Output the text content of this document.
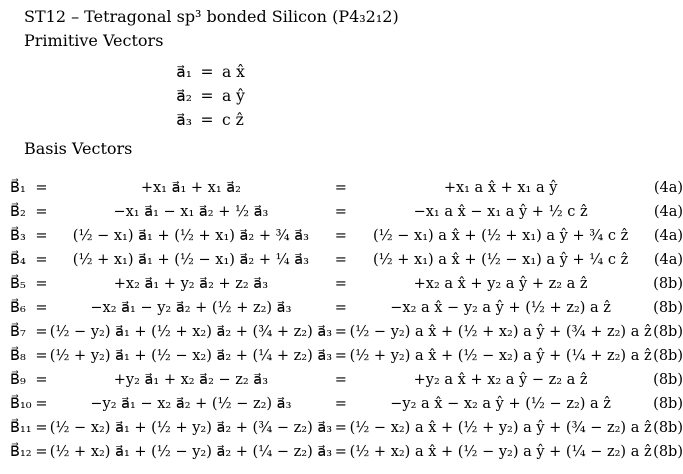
ST12 – Tetragonal sp³ bonded Silicon (P4₃2₁2)
Primitive Vectors
a⃗₁	=	a x̂
a⃗₂	=	a ŷ
a⃗₃	=	c ẑ
Basis Vectors
B⃗₁	=	+x₁ a⃗₁ + x₁ a⃗₂	=	+x₁ a x̂ + x₁ a ŷ	(4a)
B⃗₂	=	−x₁ a⃗₁ − x₁ a⃗₂ + ½ a⃗₃	=	−x₁ a x̂ − x₁ a ŷ + ½ c ẑ	(4a)
B⃗₃	=	(½ − x₁) a⃗₁ + (½ + x₁) a⃗₂ + ¾ a⃗₃	=	(½ − x₁) a x̂ + (½ + x₁) a ŷ + ¾ c ẑ	(4a)
B⃗₄	=	(½ + x₁) a⃗₁ + (½ − x₁) a⃗₂ + ¼ a⃗₃	=	(½ + x₁) a x̂ + (½ − x₁) a ŷ + ¼ c ẑ	(4a)
B⃗₅	=	+x₂ a⃗₁ + y₂ a⃗₂ + z₂ a⃗₃	=	+x₂ a x̂ + y₂ a ŷ + z₂ a ẑ	(8b)
B⃗₆	=	−x₂ a⃗₁ − y₂ a⃗₂ + (½ + z₂) a⃗₃	=	−x₂ a x̂ − y₂ a ŷ + (½ + z₂) a ẑ	(8b)
B⃗₇	=	(½ − y₂) a⃗₁ + (½ + x₂) a⃗₂ + (¾ + z₂) a⃗₃	=	(½ − y₂) a x̂ + (½ + x₂) a ŷ + (¾ + z₂) a ẑ	(8b)
B⃗₈	=	(½ + y₂) a⃗₁ + (½ − x₂) a⃗₂ + (¼ + z₂) a⃗₃	=	(½ + y₂) a x̂ + (½ − x₂) a ŷ + (¼ + z₂) a ẑ	(8b)
B⃗₉	=	+y₂ a⃗₁ + x₂ a⃗₂ − z₂ a⃗₃	=	+y₂ a x̂ + x₂ a ŷ − z₂ a ẑ	(8b)
B⃗₁₀	=	−y₂ a⃗₁ − x₂ a⃗₂ + (½ − z₂) a⃗₃	=	−y₂ a x̂ − x₂ a ŷ + (½ − z₂) a ẑ	(8b)
B⃗₁₁	=	(½ − x₂) a⃗₁ + (½ + y₂) a⃗₂ + (¾ − z₂) a⃗₃	=	(½ − x₂) a x̂ + (½ + y₂) a ŷ + (¾ − z₂) a ẑ	(8b)
B⃗₁₂	=	(½ + x₂) a⃗₁ + (½ − y₂) a⃗₂ + (¼ − z₂) a⃗₃	=	(½ + x₂) a x̂ + (½ − y₂) a ŷ + (¼ − z₂) a ẑ	(8b)
